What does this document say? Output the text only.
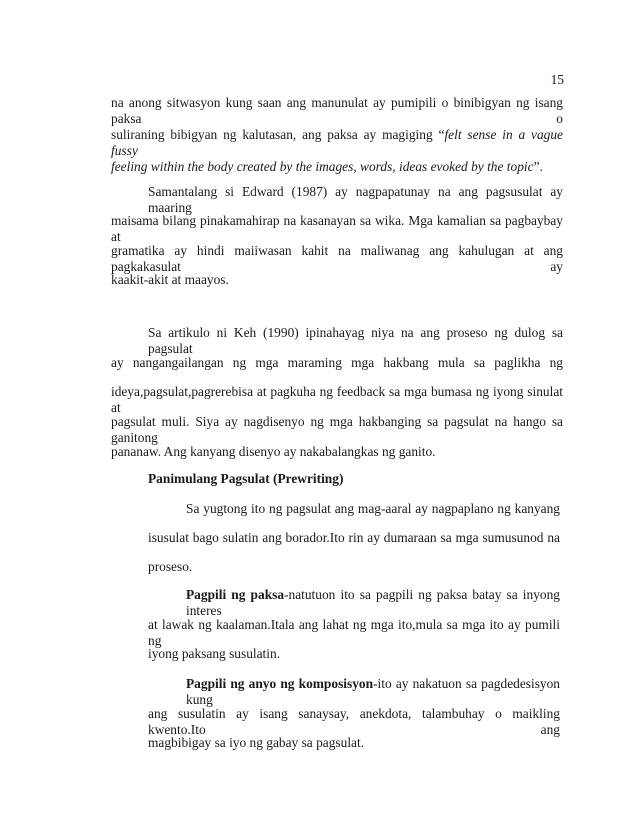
15
na anong sitwasyon kung saan ang manunulat ay pumipili o binibigyan ng isang paksa o
suliraning bibigyan ng kalutasan, ang paksa ay magiging “felt sense in a vague fussy
feeling within the body created by the images, words, ideas evoked by the topic”.
Samantalang si Edward (1987) ay nagpapatunay na ang pagsusulat ay maaring
maisama bilang pinakamahirap na kasanayan sa wika. Mga kamalian sa pagbaybay at
gramatika ay hindi maiiwasan kahit na maliwanag ang kahulugan at ang pagkakasulat ay
kaakit-akit at maayos.
Sa artikulo ni Keh (1990) ipinahayag niya na ang proseso ng dulog sa pagsulat
ay nangangailangan ng mga maraming mga hakbang mula sa paglikha ng
ideya,pagsulat,pagrerebisa at pagkuha ng feedback sa mga bumasa ng iyong sinulat at
pagsulat muli. Siya ay nagdisenyo ng mga hakbanging sa pagsulat na hango sa ganitong
pananaw. Ang kanyang disenyo ay nakabalangkas ng ganito.
Panimulang Pagsulat (Prewriting)
Sa yugtong ito ng pagsulat ang mag-aaral ay nagpaplano ng kanyang
isusulat bago sulatin ang borador.Ito rin ay dumaraan sa mga sumusunod na
proseso.
Pagpili ng paksa-natutuon ito sa pagpili ng paksa batay sa inyong interes
at lawak ng kaalaman.Itala ang lahat ng mga ito,mula sa mga ito ay pumili ng
iyong paksang susulatin.
Pagpili ng anyo ng komposisyon-ito ay nakatuon sa pagdedesisyon kung
ang susulatin ay isang sanaysay, anekdota, talambuhay o maikling kwento.Ito ang
magbibigay sa iyo ng gabay sa pagsulat.
